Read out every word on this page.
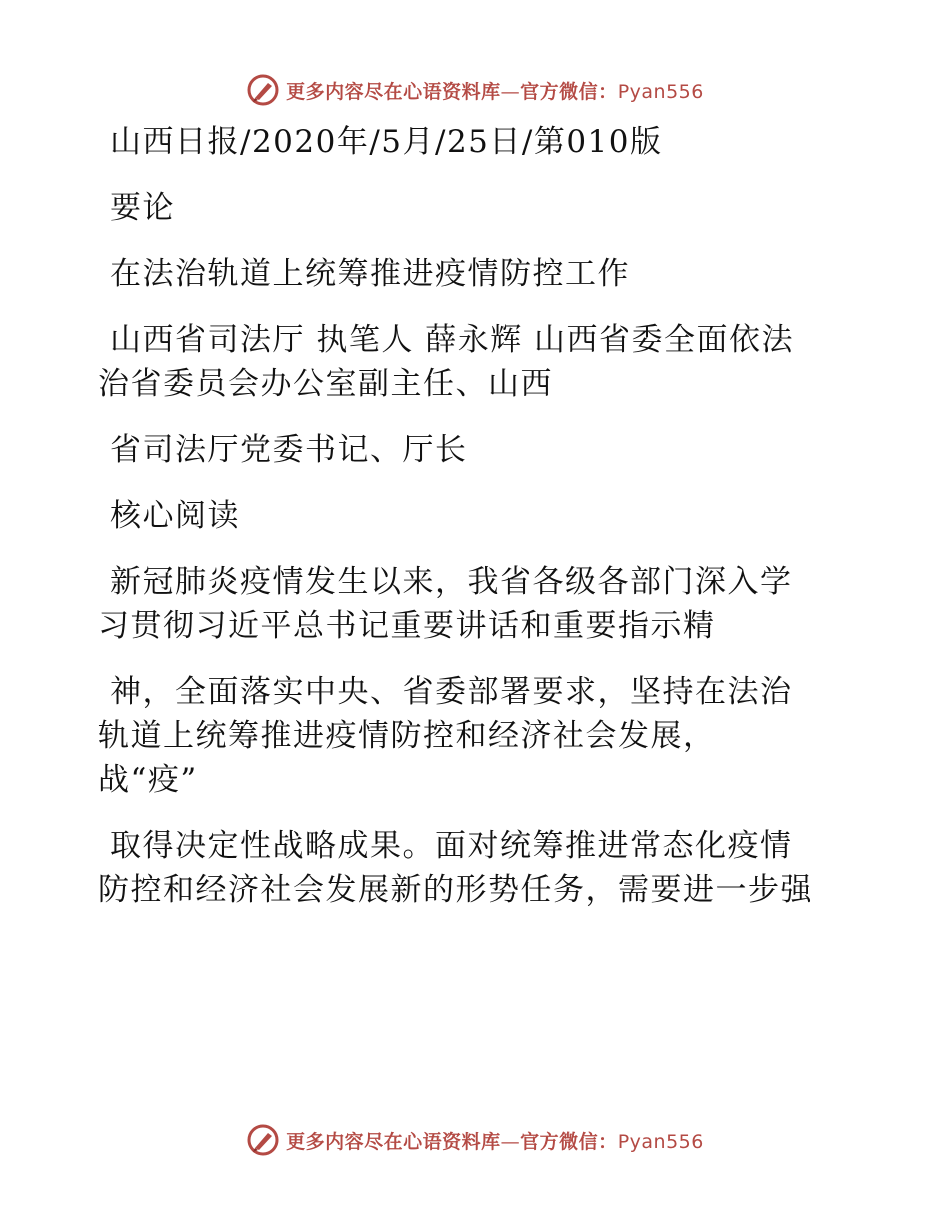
更多内容尽在心语资料库—官方微信：Pyan556

山西日报/2020年/5月/25日/第010版

要论

在法治轨道上统筹推进疫情防控工作

山西省司法厅 执笔人 薛永辉 山西省委全面依法

治省委员会办公室副主任、山西

省司法厅党委书记、厅长

核心阅读

新冠肺炎疫情发生以来，我省各级各部门深入学

习贯彻习近平总书记重要讲话和重要指示精

神，全面落实中央、省委部署要求，坚持在法治

轨道上统筹推进疫情防控和经济社会发展，

战“疫”

取得决定性战略成果。面对统筹推进常态化疫情

防控和经济社会发展新的形势任务，需要进一步强

更多内容尽在心语资料库—官方微信：Pyan556
